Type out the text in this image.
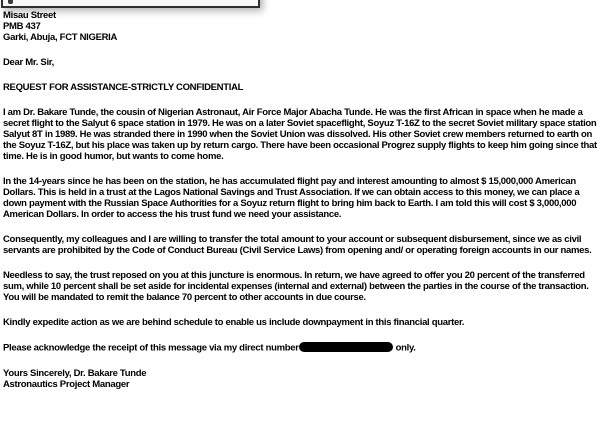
Misau Street
PMB 437
Garki, Abuja, FCT NIGERIA

Dear Mr. Sir,

REQUEST FOR ASSISTANCE-STRICTLY CONFIDENTIAL

I am Dr. Bakare Tunde, the cousin of Nigerian Astronaut, Air Force Major Abacha Tunde. He was the first African in space when he made a secret flight to the Salyut 6 space station in 1979. He was on a later Soviet spaceflight, Soyuz T-16Z to the secret Soviet military space station Salyut 8T in 1989. He was stranded there in 1990 when the Soviet Union was dissolved. His other Soviet crew members returned to earth on the Soyuz T-16Z, but his place was taken up by return cargo. There have been occasional Progrez supply flights to keep him going since that time. He is in good humor, but wants to come home.

In the 14-years since he has been on the station, he has accumulated flight pay and interest amounting to almost $ 15,000,000 American Dollars. This is held in a trust at the Lagos National Savings and Trust Association. If we can obtain access to this money, we can place a down payment with the Russian Space Authorities for a Soyuz return flight to bring him back to Earth. I am told this will cost $ 3,000,000 American Dollars. In order to access the his trust fund we need your assistance.

Consequently, my colleagues and I are willing to transfer the total amount to your account or subsequent disbursement, since we as civil servants are prohibited by the Code of Conduct Bureau (Civil Service Laws) from opening and/ or operating foreign accounts in our names.

Needless to say, the trust reposed on you at this juncture is enormous. In return, we have agreed to offer you 20 percent of the transferred sum, while 10 percent shall be set aside for incidental expenses (internal and external) between the parties in the course of the transaction. You will be mandated to remit the balance 70 percent to other accounts in due course.

Kindly expedite action as we are behind schedule to enable us include downpayment in this financial quarter.

Please acknowledge the receipt of this message via my direct number	only.

Yours Sincerely, Dr. Bakare Tunde
Astronautics Project Manager
